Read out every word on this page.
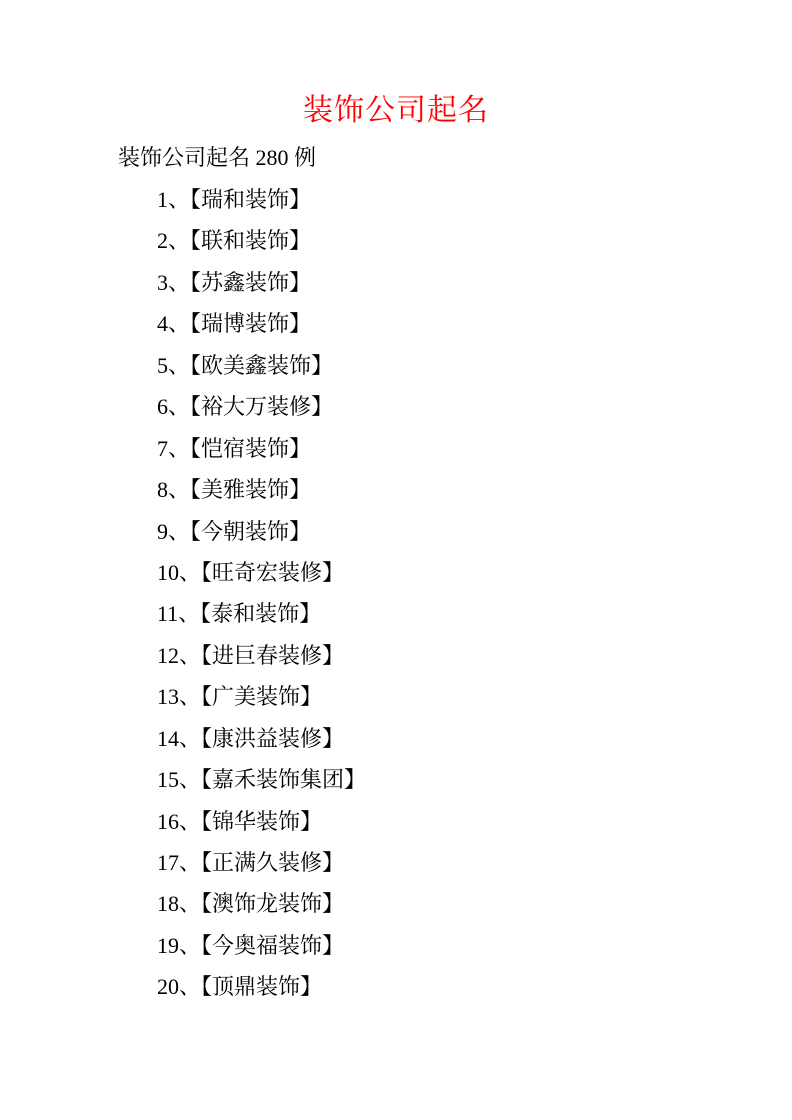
装饰公司起名
装饰公司起名 280 例
1、【瑞和装饰】
2、【联和装饰】
3、【苏鑫装饰】
4、【瑞博装饰】
5、【欧美鑫装饰】
6、【裕大万装修】
7、【恺宿装饰】
8、【美雅装饰】
9、【今朝装饰】
10、【旺奇宏装修】
11、【泰和装饰】
12、【进巨春装修】
13、【广美装饰】
14、【康洪益装修】
15、【嘉禾装饰集团】
16、【锦华装饰】
17、【正满久装修】
18、【澳饰龙装饰】
19、【今奥福装饰】
20、【顶鼎装饰】
